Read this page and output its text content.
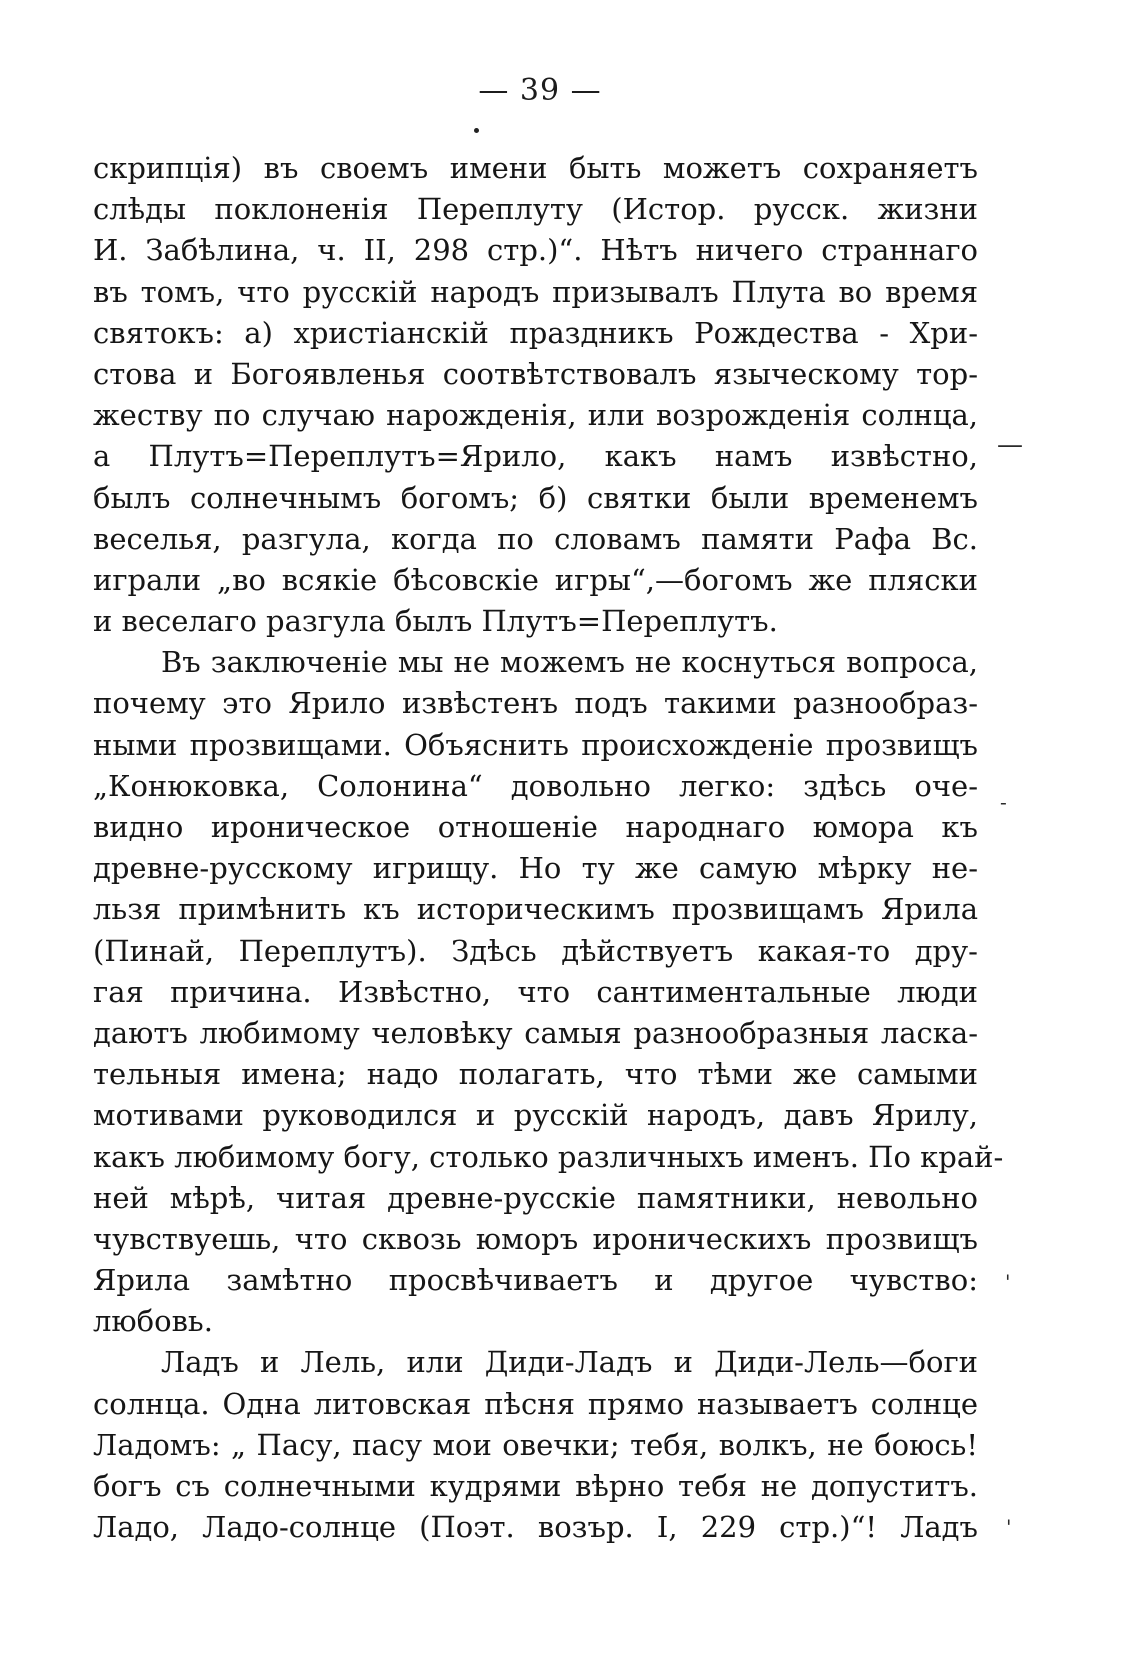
— 39 —
скрипція) въ своемъ имени быть можетъ сохраняетъ
слѣды поклоненія Переплуту (Истор. русск. жизни
И. Забѣлина, ч. II, 298 стр.)“. Нѣтъ ничего страннаго
въ томъ, что русскій народъ призывалъ Плута во время
святокъ: а) христіанскій праздникъ Рождества - Хри-
стова и Богоявленья соотвѣтствовалъ языческому тор-
жеству по случаю нарожденія, или возрожденія солнца,
а Плутъ=Переплутъ=Ярило, какъ намъ извѣстно,
былъ солнечнымъ богомъ; б) святки были временемъ
веселья, разгула, когда по словамъ памяти Рафа Вс.
играли „во всякіе бѣсовскіе игры“,—богомъ же пляски
и веселаго разгула былъ Плутъ=Переплутъ.
Въ заключеніе мы не можемъ не коснуться вопроса,
почему это Ярило извѣстенъ подъ такими разнообраз-
ными прозвищами. Объяснить происхожденіе прозвищъ
„Конюковка, Солонина“ довольно легко: здѣсь оче-
видно ироническое отношеніе народнаго юмора къ
древне-русскому игрищу. Но ту же самую мѣрку не-
льзя примѣнить къ историческимъ прозвищамъ Ярила
(Пинай, Переплутъ). Здѣсь дѣйствуетъ какая-то дру-
гая причина. Извѣстно, что сантиментальные люди
даютъ любимому человѣку самыя разнообразныя ласка-
тельныя имена; надо полагать, что тѣми же самыми
мотивами руководился и русскій народъ, давъ Ярилу,
какъ любимому богу, столько различныхъ именъ. По край-
ней мѣрѣ, читая древне-русскіе памятники, невольно
чувствуешь, что сквозь юморъ ироническихъ прозвищъ
Ярила замѣтно просвѣчиваетъ и другое чувство:
любовь.
Ладъ и Лель, или Диди-Ладъ и Диди-Лель—боги
солнца. Одна литовская пѣсня прямо называетъ солнце
Ладомъ: „ Пасу, пасу мои овечки; тебя, волкъ, не боюсь!
богъ съ солнечными кудрями вѣрно тебя не допуститъ.
Ладо, Ладо-солнце (Поэт. возър. I, 229 стр.)“! Ладъ
—
-
'
'
